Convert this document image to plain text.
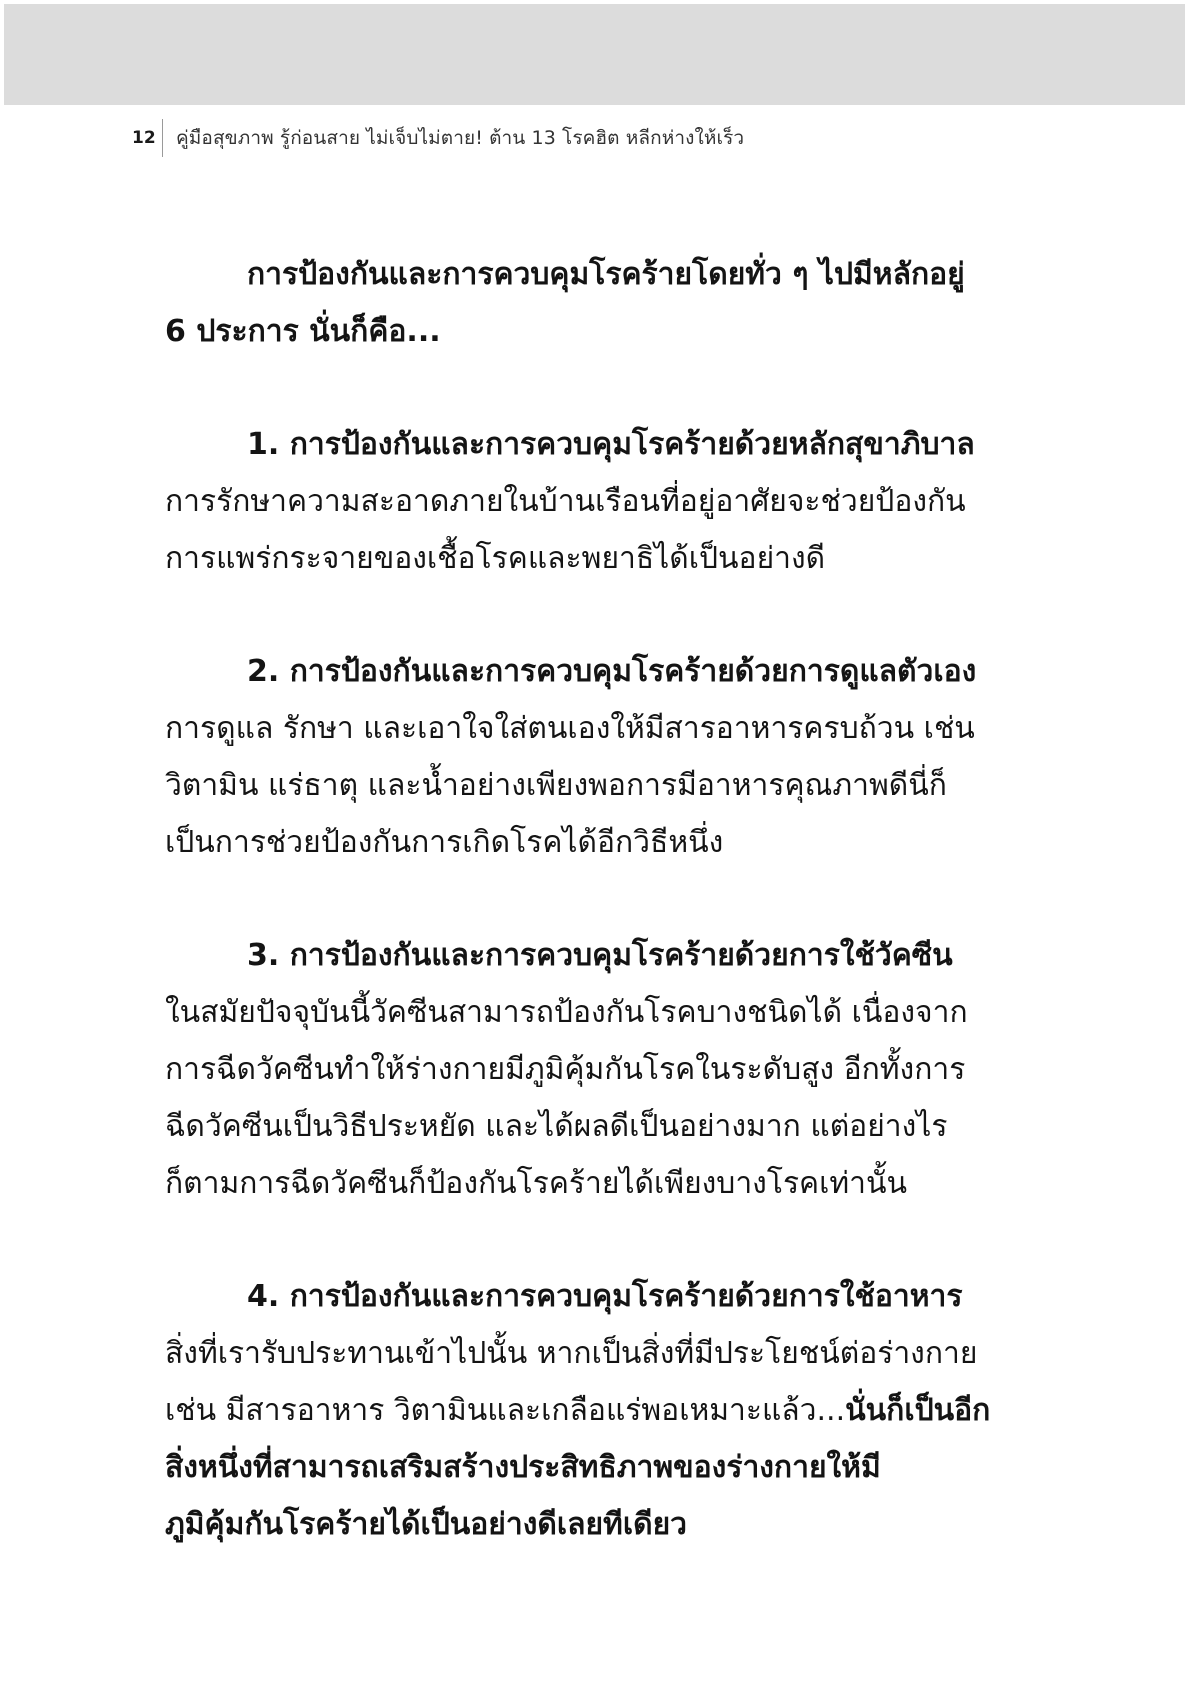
12	คู่มือสุขภาพ รู้ก่อนสาย ไม่เจ็บไม่ตาย! ต้าน 13 โรคฮิต หลีกห่างให้เร็ว

การป้องกันและการควบคุมโรคร้ายโดยทั่ว ๆ ไปมีหลักอยู่ 6 ประการ นั่นก็คือ...

1. การป้องกันและการควบคุมโรคร้ายด้วยหลักสุขาภิบาล การรักษาความสะอาดภายในบ้านเรือนที่อยู่อาศัยจะช่วยป้องกันการแพร่กระจายของเชื้อโรคและพยาธิได้เป็นอย่างดี

2. การป้องกันและการควบคุมโรคร้ายด้วยการดูแลตัวเอง การดูแล รักษา และเอาใจใส่ตนเองให้มีสารอาหารครบถ้วน เช่น วิตามิน แร่ธาตุ และน้ำอย่างเพียงพอการมีอาหารคุณภาพดีนี่ก็เป็นการช่วยป้องกันการเกิดโรคได้อีกวิธีหนึ่ง

3. การป้องกันและการควบคุมโรคร้ายด้วยการใช้วัคซีน ในสมัยปัจจุบันนี้วัคซีนสามารถป้องกันโรคบางชนิดได้ เนื่องจากการฉีดวัคซีนทำให้ร่างกายมีภูมิคุ้มกันโรคในระดับสูง อีกทั้งการฉีดวัคซีนเป็นวิธีประหยัด และได้ผลดีเป็นอย่างมาก แต่อย่างไรก็ตามการฉีดวัคซีนก็ป้องกันโรคร้ายได้เพียงบางโรคเท่านั้น

4. การป้องกันและการควบคุมโรคร้ายด้วยการใช้อาหาร สิ่งที่เรารับประทานเข้าไปนั้น หากเป็นสิ่งที่มีประโยชน์ต่อร่างกาย เช่น มีสารอาหาร วิตามินและเกลือแร่พอเหมาะแล้ว...นั่นก็เป็นอีกสิ่งหนึ่งที่สามารถเสริมสร้างประสิทธิภาพของร่างกายให้มีภูมิคุ้มกันโรคร้ายได้เป็นอย่างดีเลยทีเดียว
